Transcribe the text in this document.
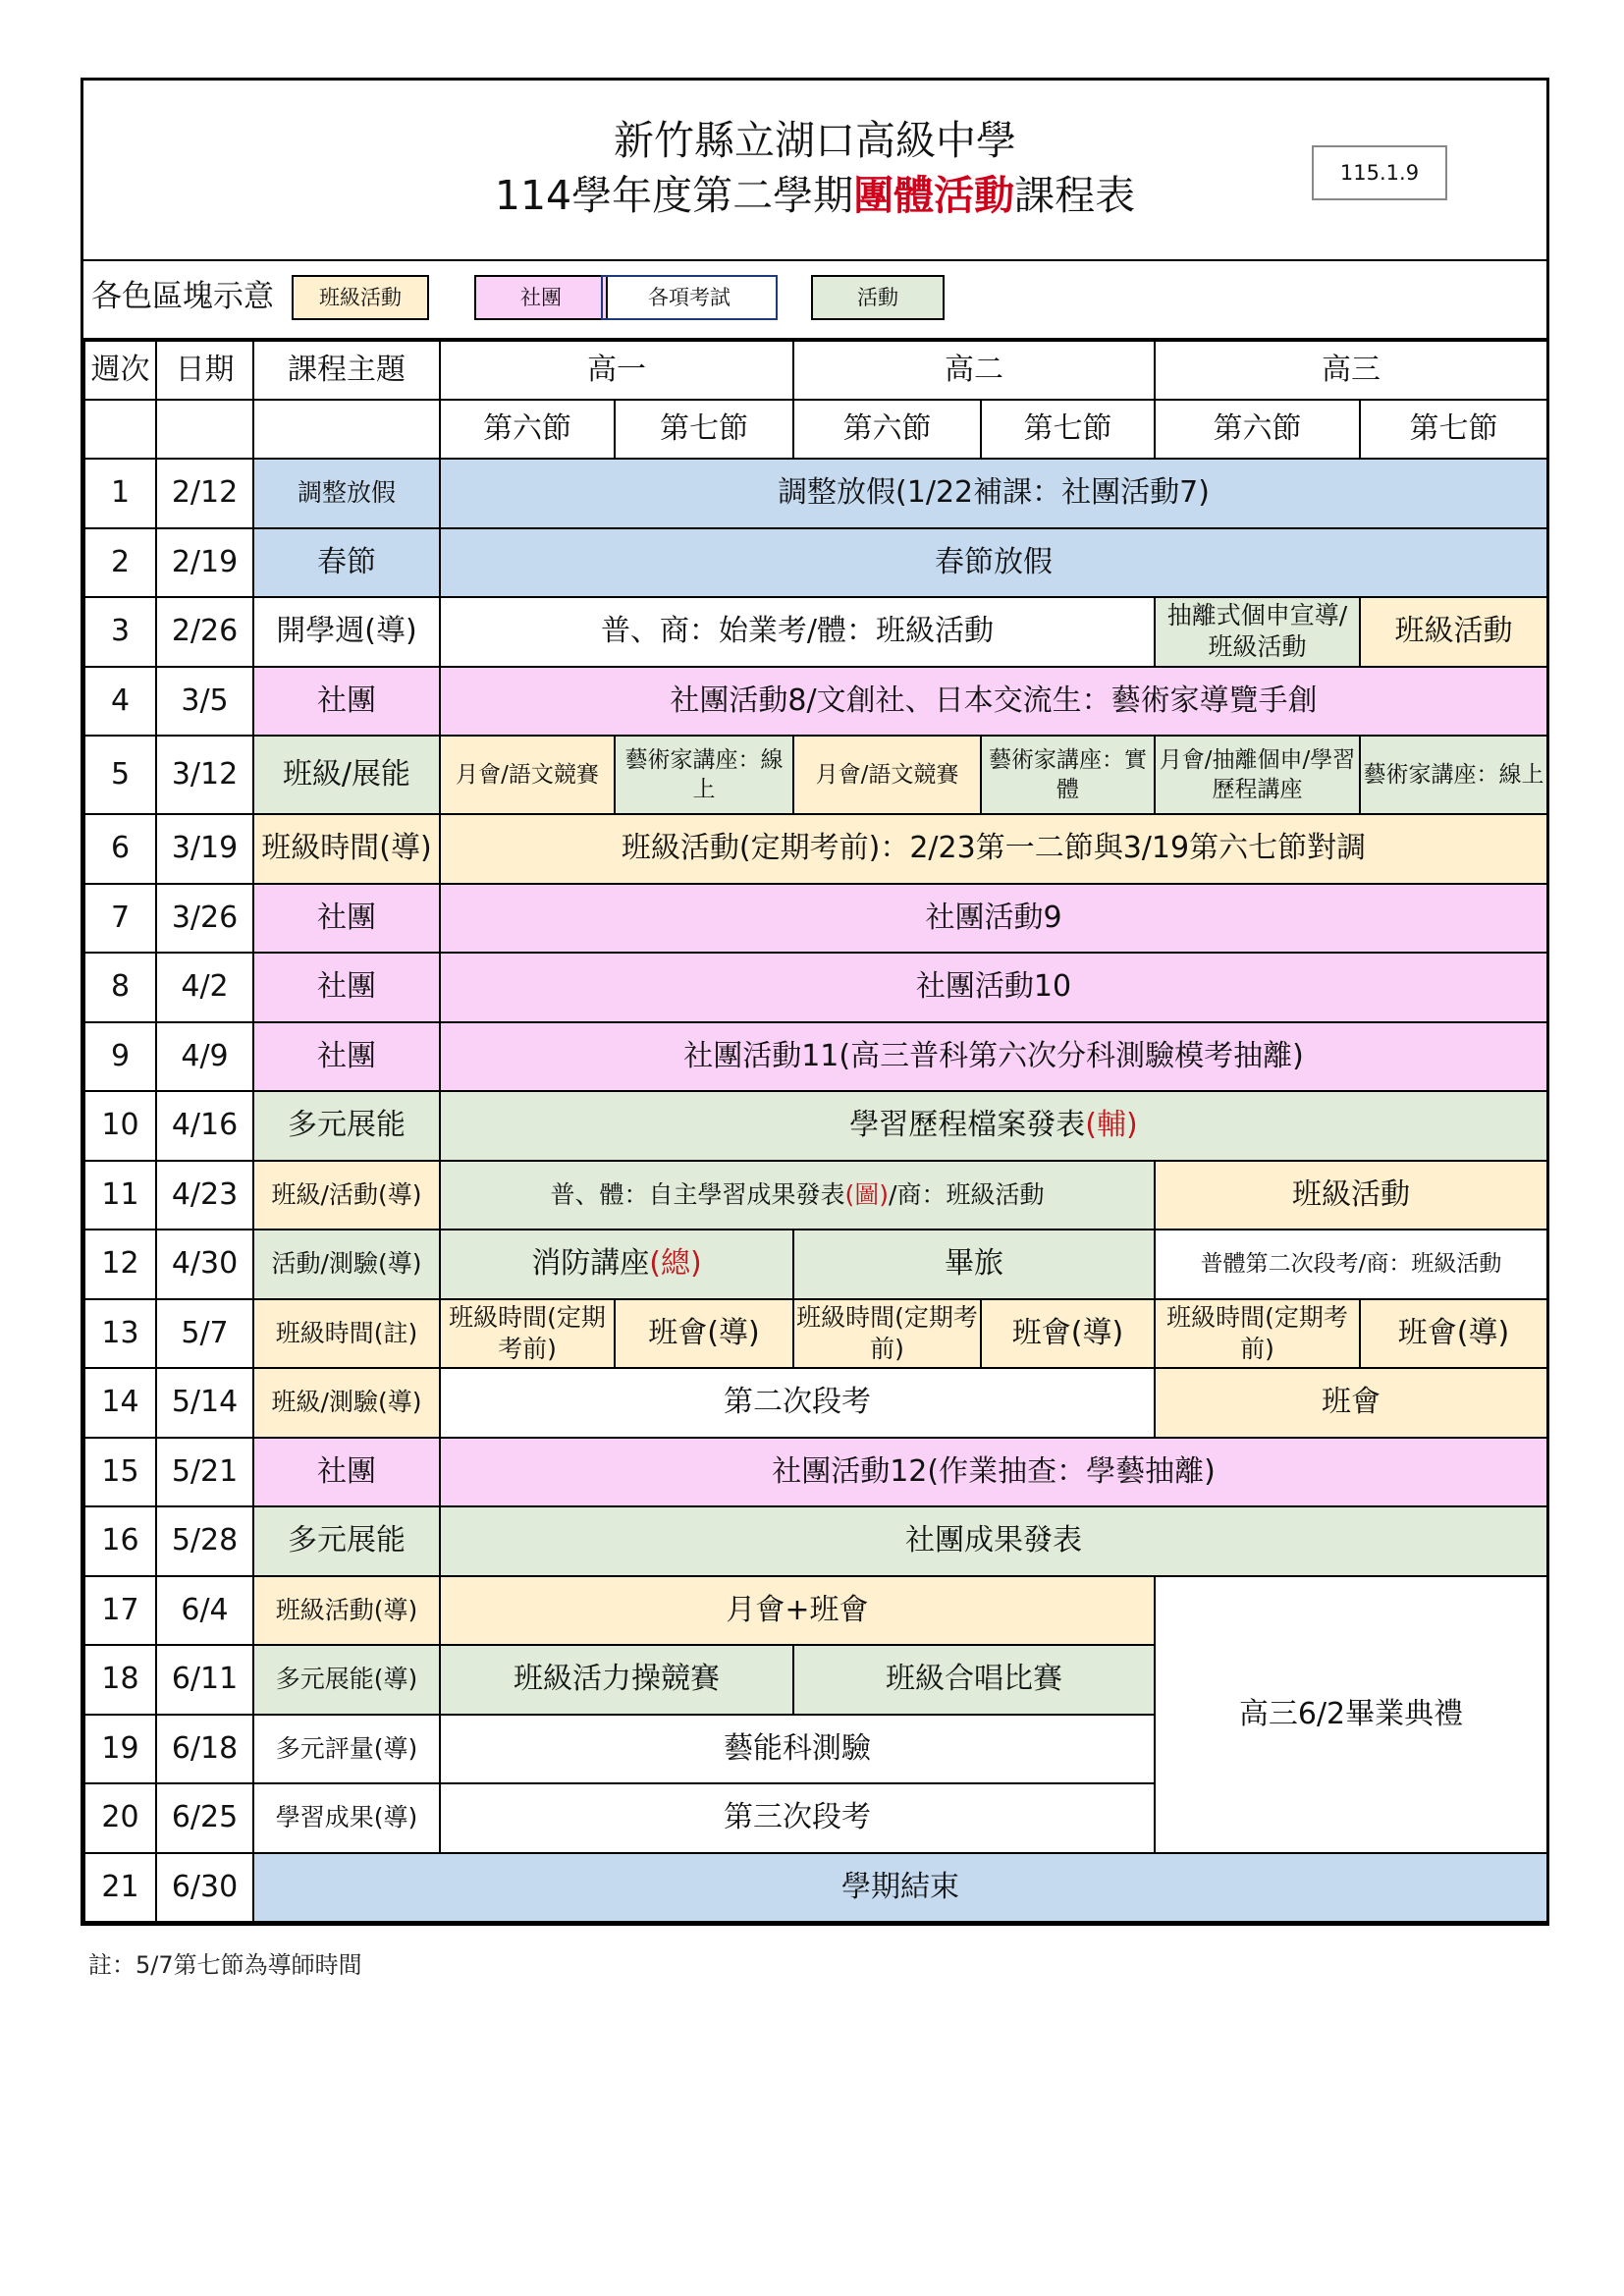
新竹縣立湖口高級中學
114學年度第二學期團體活動課程表	115.1.9
各色區塊示意	班級活動	社團	各項考試	活動
週次	日期	課程主題	高一		高二		高三	
			第六節	第七節	第六節	第七節	第六節	第七節
1	2/12	調整放假	調整放假(1/22補課：社團活動7)					
2	2/19	春節	春節放假					
3	2/26	開學週(導)	普、商：始業考/體：班級活動				抽離式個申宣導/班級活動	班級活動
4	3/5	社團	社團活動8/文創社、日本交流生：藝術家導覽手創					
5	3/12	班級/展能	月會/語文競賽	藝術家講座：線上	月會/語文競賽	藝術家講座：實體	月會/抽離個申/學習歷程講座	藝術家講座：線上
6	3/19	班級時間(導)	班級活動(定期考前)：2/23第一二節與3/19第六七節對調					
7	3/26	社團	社團活動9					
8	4/2	社團	社團活動10					
9	4/9	社團	社團活動11(高三普科第六次分科測驗模考抽離)					
10	4/16	多元展能	學習歷程檔案發表(輔)					
11	4/23	班級/活動(導)	普、體：自主學習成果發表(圖)/商：班級活動				班級活動	
12	4/30	活動/測驗(導)	消防講座(總)		畢旅		普體第二次段考/商：班級活動	
13	5/7	班級時間(註)	班級時間(定期考前)	班會(導)	班級時間(定期考前)	班會(導)	班級時間(定期考前)	班會(導)
14	5/14	班級/測驗(導)	第二次段考				班會	
15	5/21	社團	社團活動12(作業抽查：學藝抽離)					
16	5/28	多元展能	社團成果發表					
17	6/4	班級活動(導)	月會+班會				高三6/2畢業典禮	
18	6/11	多元展能(導)	班級活力操競賽		班級合唱比賽			
19	6/18	多元評量(導)	藝能科測驗					
20	6/25	學習成果(導)	第三次段考					
21	6/30	學期結束						
註：5/7第七節為導師時間
